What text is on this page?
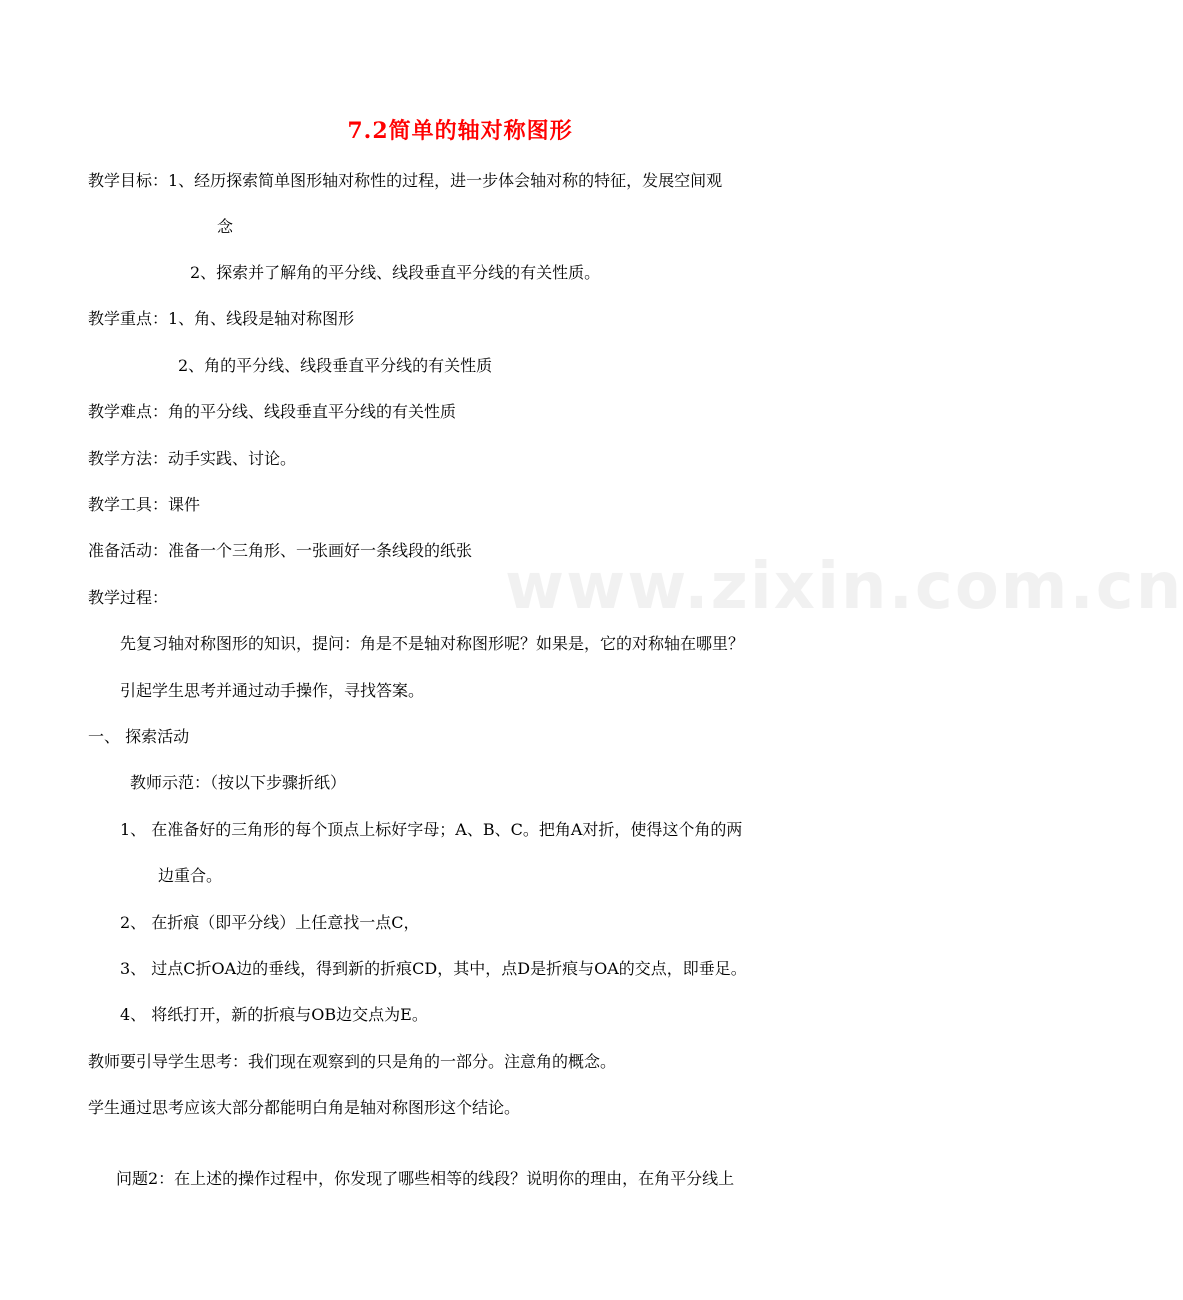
7.2简单的轴对称图形
教学目标：1、经历探索简单图形轴对称性的过程，进一步体会轴对称的特征，发展空间观
念
2、探索并了解角的平分线、线段垂直平分线的有关性质。
教学重点：1、角、线段是轴对称图形
2、角的平分线、线段垂直平分线的有关性质
教学难点：角的平分线、线段垂直平分线的有关性质
教学方法：动手实践、讨论。
教学工具：课件
准备活动：准备一个三角形、一张画好一条线段的纸张
教学过程：
先复习轴对称图形的知识，提问：角是不是轴对称图形呢？如果是，它的对称轴在哪里？
引起学生思考并通过动手操作，寻找答案。
一、 探索活动
教师示范：（按以下步骤折纸）
1、 在准备好的三角形的每个顶点上标好字母；A、B、C。把角A对折，使得这个角的两
边重合。
2、 在折痕（即平分线）上任意找一点C，
3、 过点C折OA边的垂线，得到新的折痕CD，其中，点D是折痕与OA的交点，即垂足。
4、 将纸打开，新的折痕与OB边交点为E。
教师要引导学生思考：我们现在观察到的只是角的一部分。注意角的概念。
学生通过思考应该大部分都能明白角是轴对称图形这个结论。
问题2：在上述的操作过程中，你发现了哪些相等的线段？说明你的理由，在角平分线上
www.zixin.com.cn
